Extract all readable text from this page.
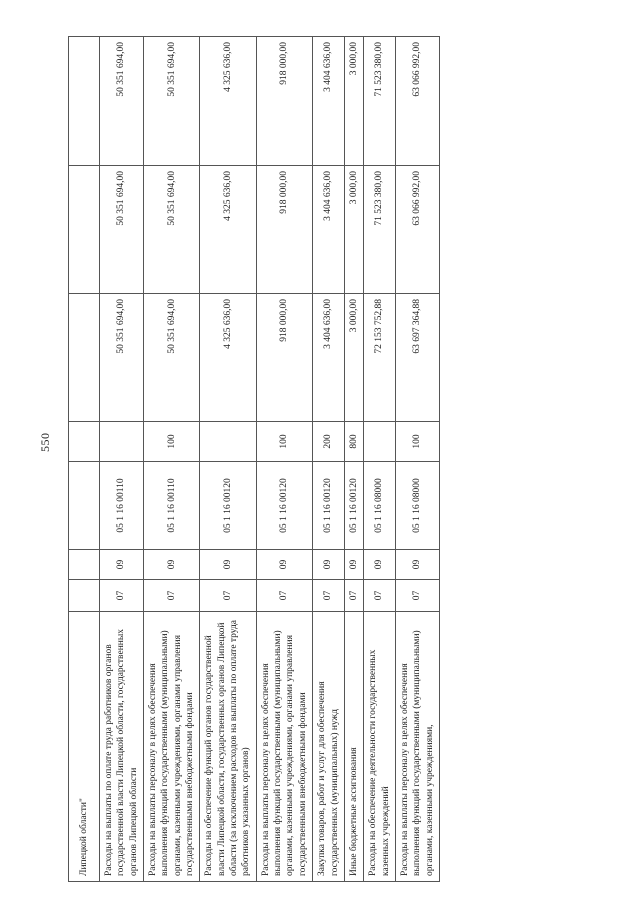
550
Липецкой области"							
Расходы на выплаты по оплате труда работников органов государственной власти Липецкой области, государственных органов Липецкой области	07	09	05 1 16 00110		50 351 694,00	50 351 694,00	50 351 694,00
Расходы на выплаты персоналу в целях обеспечения выполнения функций государственными (муниципальными) органами, казенными учреждениями, органами управления государственными внебюджетными фондами	07	09	05 1 16 00110	100	50 351 694,00	50 351 694,00	50 351 694,00
Расходы на обеспечение функций органов государственной власти Липецкой области, государственных органов Липецкой области (за исключением расходов на выплаты по оплате труда работников указанных органов)	07	09	05 1 16 00120		4 325 636,00	4 325 636,00	4 325 636,00
Расходы на выплаты персоналу в целях обеспечения выполнения функций государственными (муниципальными) органами, казенными учреждениями, органами управления государственными внебюджетными фондами	07	09	05 1 16 00120	100	918 000,00	918 000,00	918 000,00
Закупка товаров, работ и услуг для обеспечения государственных (муниципальных) нужд	07	09	05 1 16 00120	200	3 404 636,00	3 404 636,00	3 404 636,00
Иные бюджетные ассигнования	07	09	05 1 16 00120	800	3 000,00	3 000,00	3 000,00
Расходы на обеспечение деятельности государственных казенных учреждений	07	09	05 1 16 08000		72 153 752,88	71 523 380,00	71 523 380,00
Расходы на выплаты персоналу в целях обеспечения выполнения функций государственными (муниципальными) органами, казенными учреждениями,	07	09	05 1 16 08000	100	63 697 364,88	63 066 992,00	63 066 992,00
